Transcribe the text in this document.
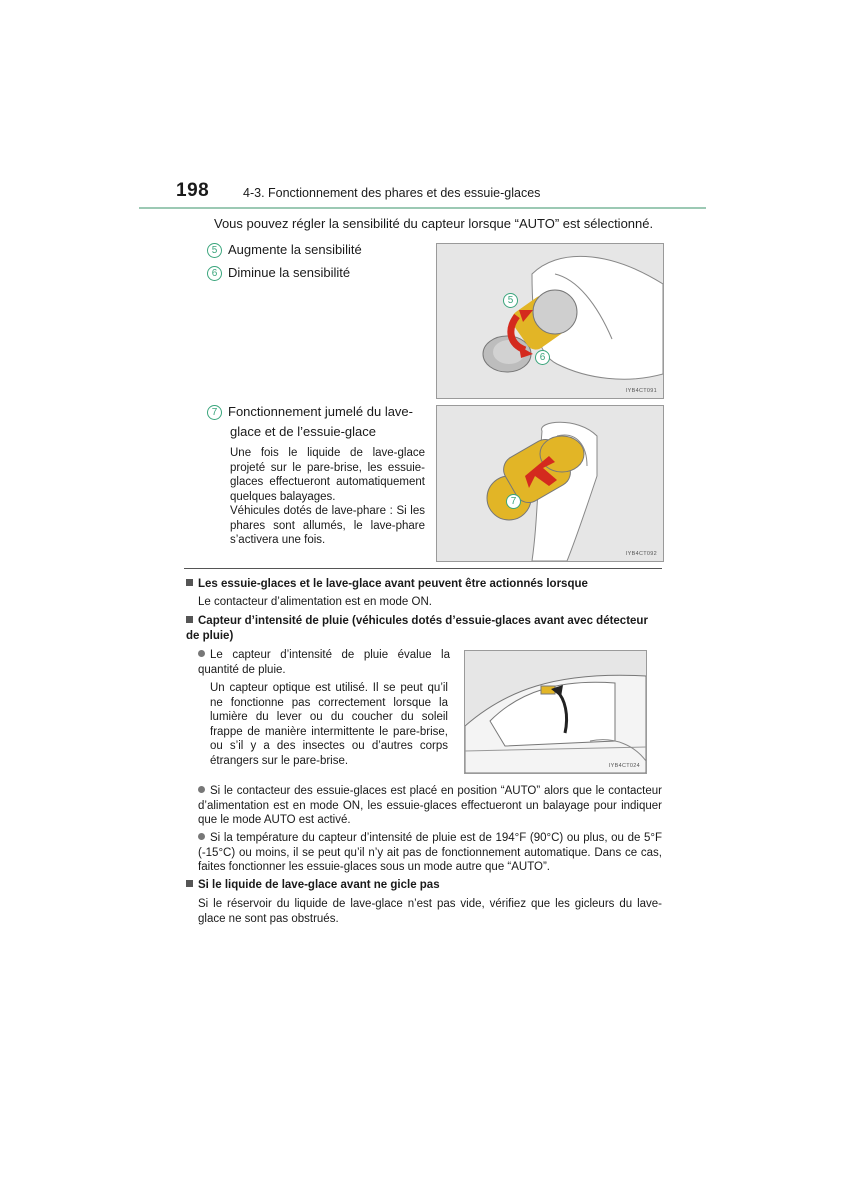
198	4-3. Fonctionnement des phares et des essuie-glaces
Vous pouvez régler la sensibilité du capteur lorsque “AUTO” est sélectionné.
5 Augmente la sensibilité
6 Diminue la sensibilité
5
6
IYB4CT091
7 Fonctionnement jumelé du lave-
glace et de l’essuie-glace
Une fois le liquide de lave-glace projeté sur le pare-brise, les essuie-glaces effectueront automatiquement quelques balayages.
Véhicules dotés de lave-phare : Si les phares sont allumés, le lave-phare s’activera une fois.
7
IYB4CT092
Les essuie-glaces et le lave-glace avant peuvent être actionnés lorsque
Le contacteur d’alimentation est en mode ON.
Capteur d’intensité de pluie (véhicules dotés d’essuie-glaces avant avec détecteur de pluie)
Le capteur d’intensité de pluie évalue la quantité de pluie.
Un capteur optique est utilisé. Il se peut qu’il ne fonctionne pas correctement lorsque la lumière du lever ou du coucher du soleil frappe de manière intermittente le pare-brise, ou s’il y a des insectes ou d’autres corps étrangers sur le pare-brise.	IYB4CT024
Si le contacteur des essuie-glaces est placé en position “AUTO” alors que le contacteur d’alimentation est en mode ON, les essuie-glaces effectueront un balayage pour indiquer que le mode AUTO est activé.
Si la température du capteur d’intensité de pluie est de 194°F (90°C) ou plus, ou de 5°F (-15°C) ou moins, il se peut qu’il n’y ait pas de fonctionnement automatique. Dans ce cas, faites fonctionner les essuie-glaces sous un mode autre que “AUTO”.
Si le liquide de lave-glace avant ne gicle pas
Si le réservoir du liquide de lave-glace n’est pas vide, vérifiez que les gicleurs du lave-glace ne sont pas obstrués.
